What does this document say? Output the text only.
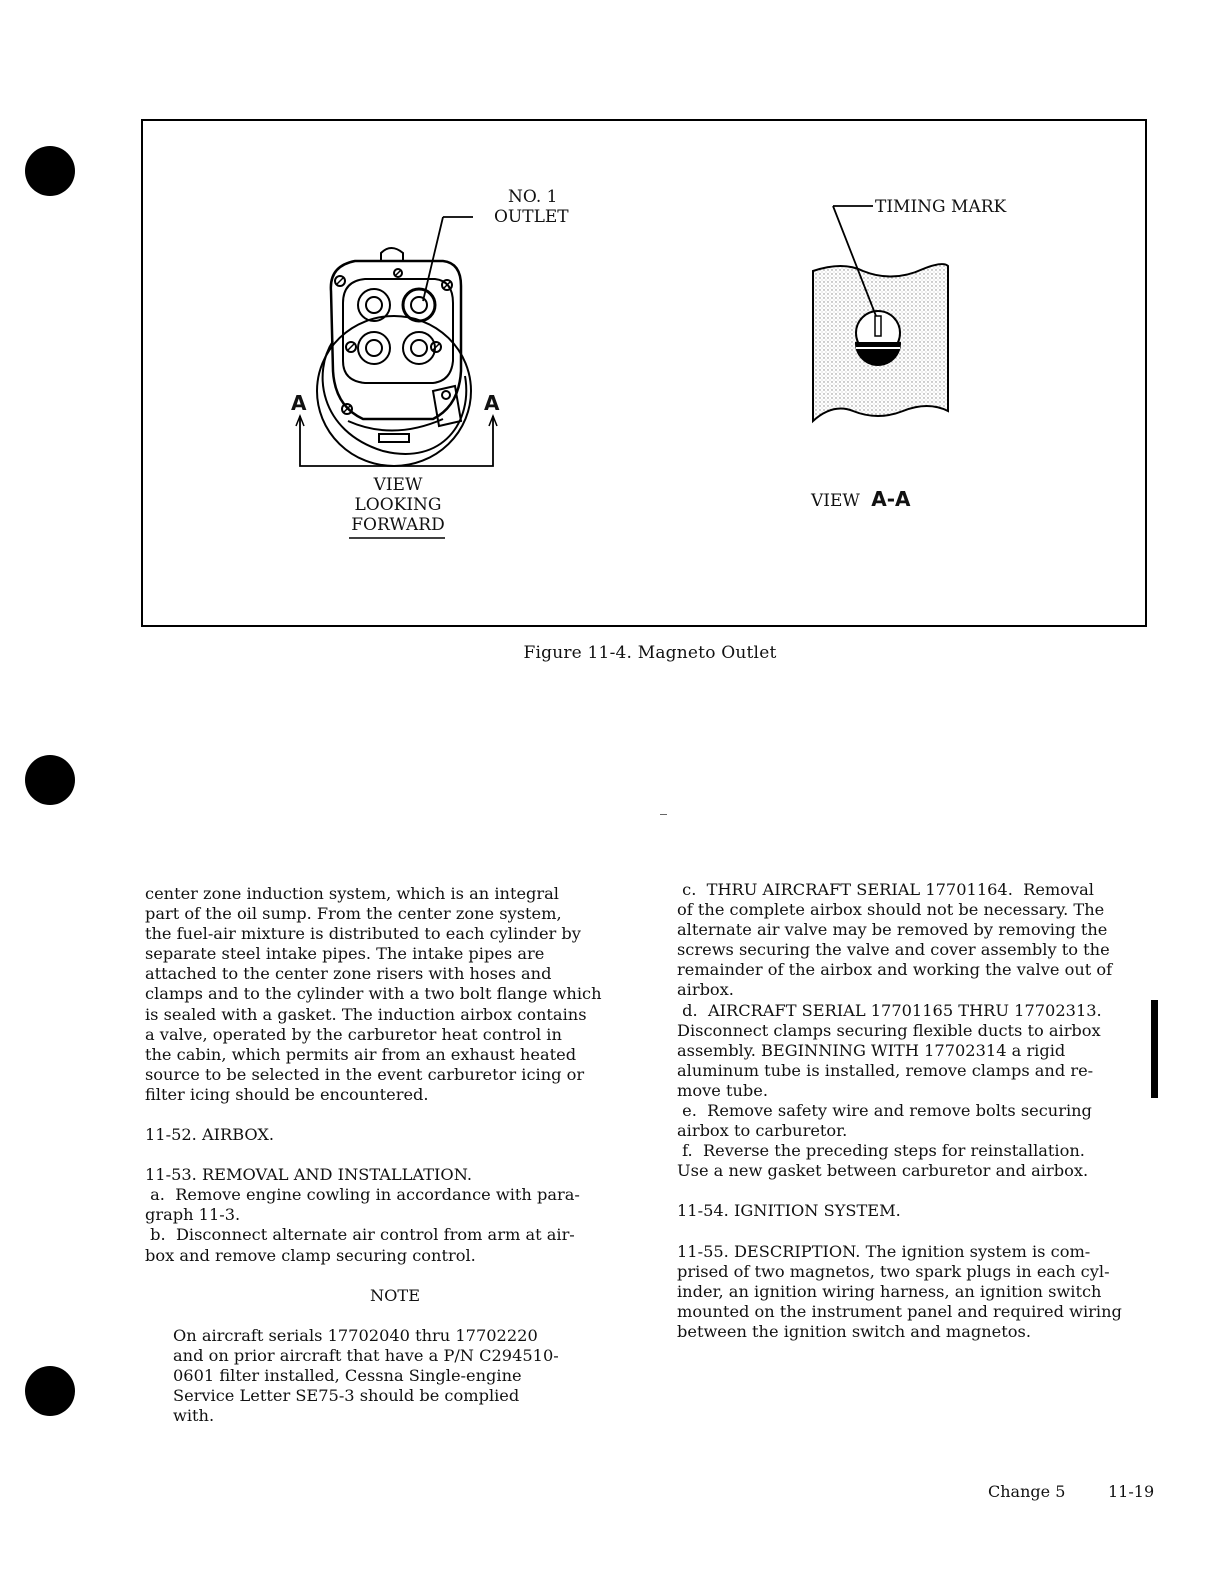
NO. 1
OUTLET
A	A
VIEW
LOOKING
FORWARD
TIMING MARK
VIEW A-A
Figure 11-4. Magneto Outlet

center zone induction system, which is an integral

part of the oil sump. From the center zone system,

the fuel-air mixture is distributed to each cylinder by

separate steel intake pipes. The intake pipes are

attached to the center zone risers with hoses and

clamps and to the cylinder with a two bolt flange which

is sealed with a gasket. The induction airbox contains

a valve, operated by the carburetor heat control in

the cabin, which permits air from an exhaust heated

source to be selected in the event carburetor icing or

filter icing should be encountered.

11-52. AIRBOX.

11-53. REMOVAL AND INSTALLATION.

a.  Remove engine cowling in accordance with para-

graph 11-3.

b.  Disconnect alternate air control from arm at air-

box and remove clamp securing control.

NOTE

On aircraft serials 17702040 thru 17702220

and on prior aircraft that have a P/N C294510-

0601 filter installed, Cessna Single-engine

Service Letter SE75-3 should be complied

with.

c.  THRU AIRCRAFT SERIAL 17701164.  Removal

of the complete airbox should not be necessary. The

alternate air valve may be removed by removing the

screws securing the valve and cover assembly to the

remainder of the airbox and working the valve out of

airbox.

d.  AIRCRAFT SERIAL 17701165 THRU 17702313.

Disconnect clamps securing flexible ducts to airbox

assembly. BEGINNING WITH 17702314 a rigid

aluminum tube is installed, remove clamps and re-

move tube.

e.  Remove safety wire and remove bolts securing

airbox to carburetor.

f.  Reverse the preceding steps for reinstallation.

Use a new gasket between carburetor and airbox.

11-54. IGNITION SYSTEM.

11-55. DESCRIPTION. The ignition system is com-

prised of two magnetos, two spark plugs in each cyl-

inder, an ignition wiring harness, an ignition switch

mounted on the instrument panel and required wiring

between the ignition switch and magnetos.

Change 5	11-19
